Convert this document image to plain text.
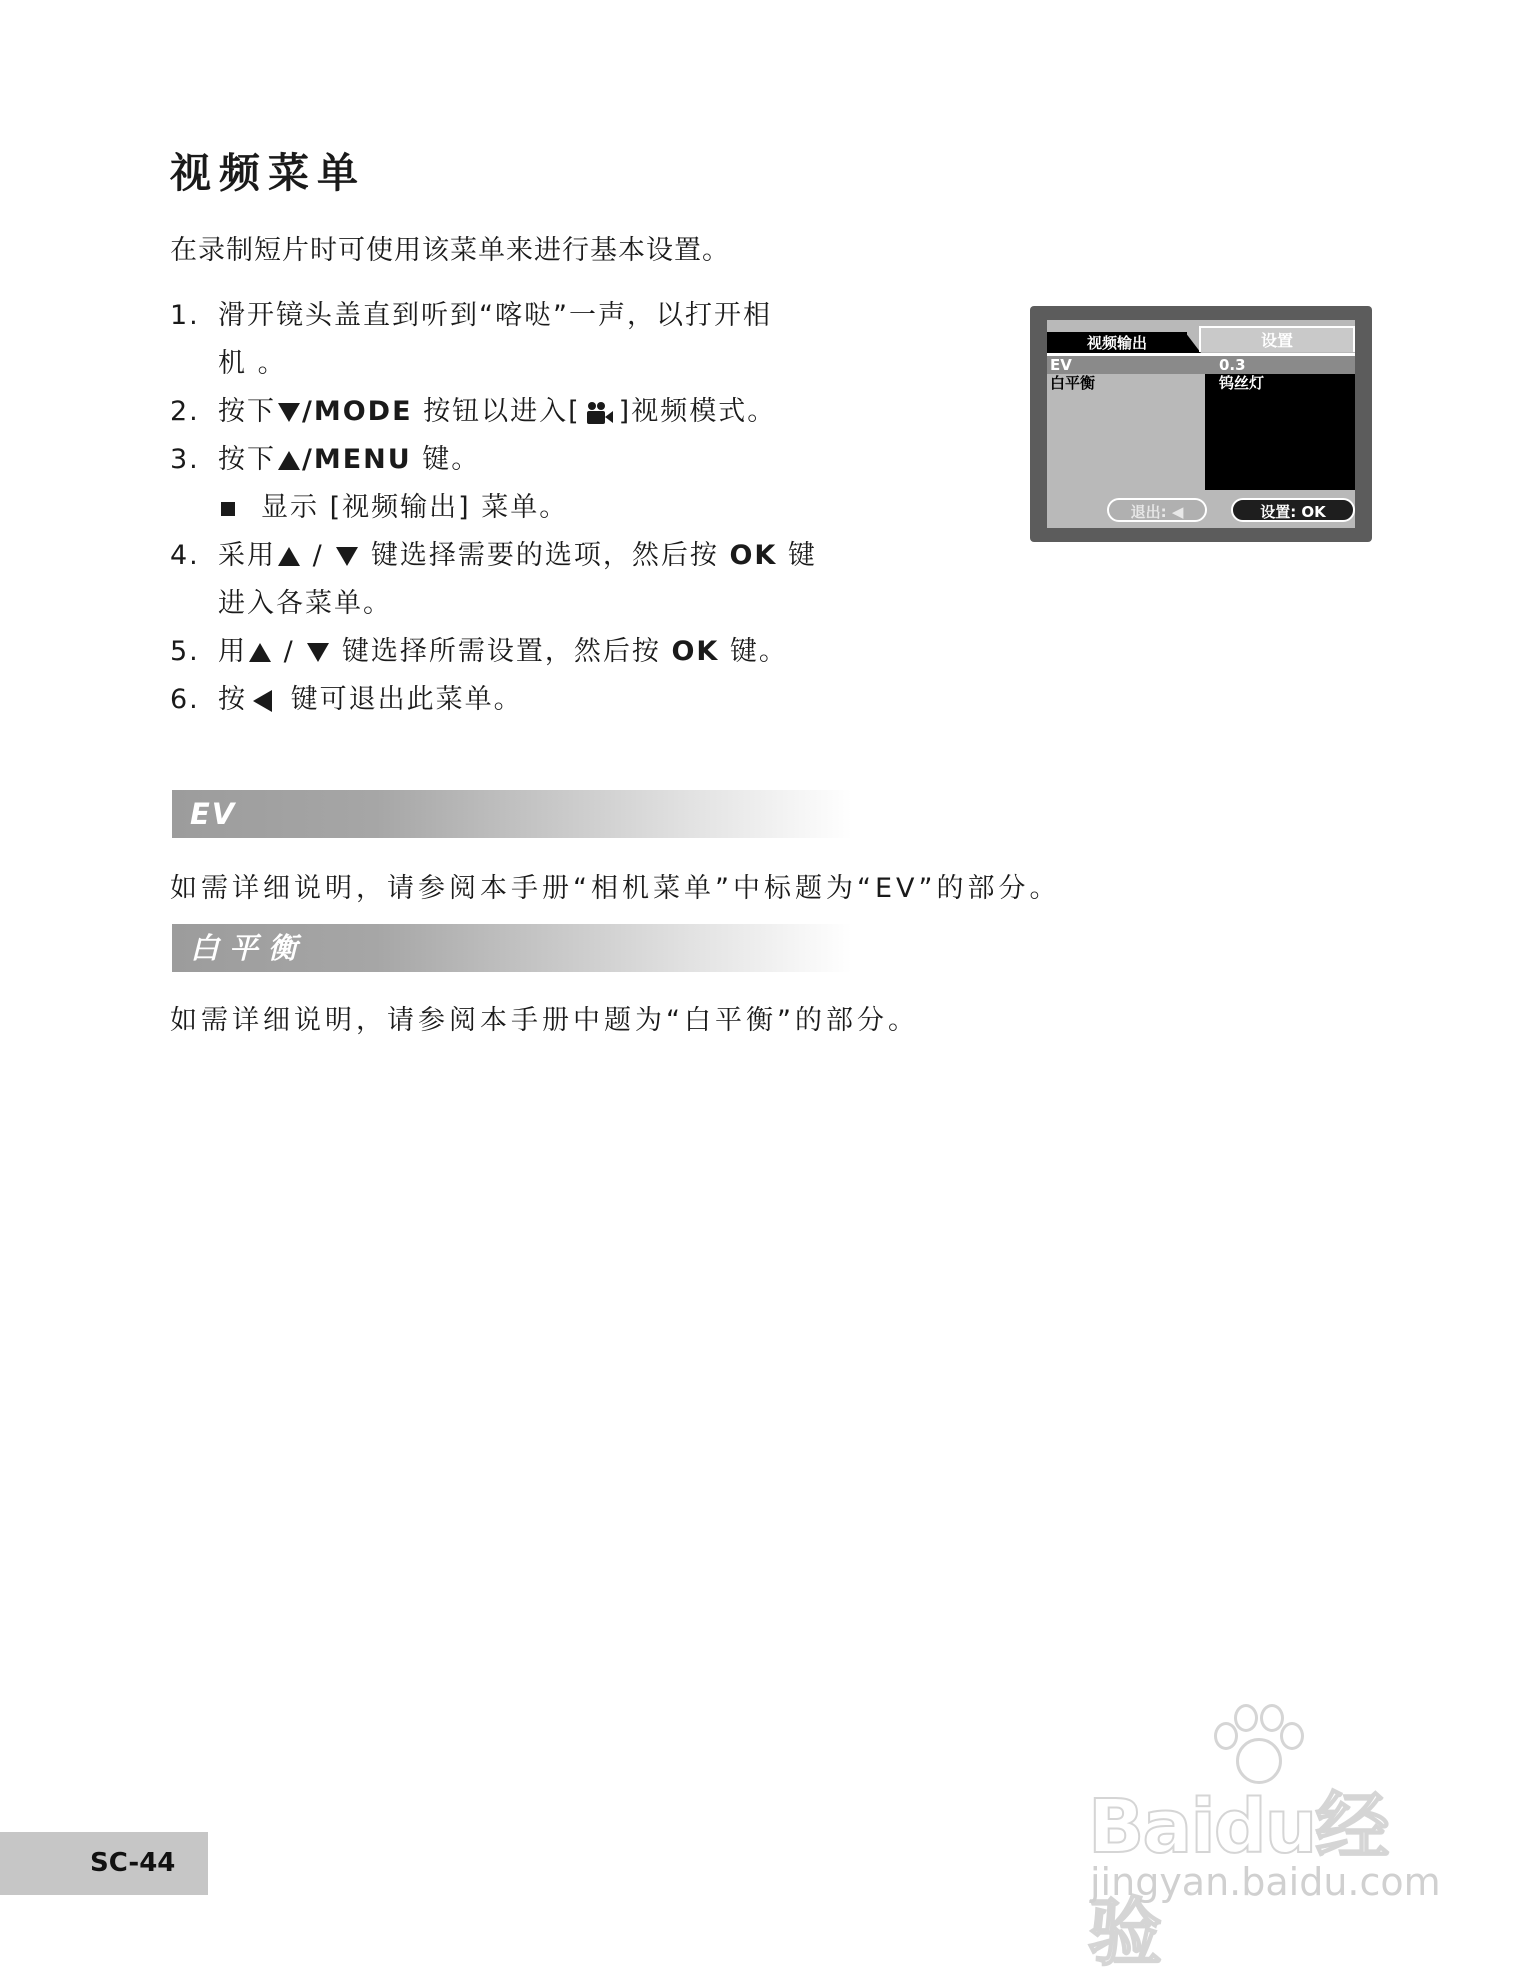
视频菜单
在录制短片时可使用该菜单来进行基本设置。
1. 滑开镜头盖直到听到“喀哒”一声，以打开相
机 。
2. 按下 /MODE 按钮以进入[ ]视频模式。
3. 按下 /MENU 键。
显示 [视频输出] 菜单。
4. 采用 /  键选择需要的选项，然后按 OK 键
进入各菜单。
5. 用 /  键选择所需设置，然后按 OK 键。
6. 按 键可退出此菜单。
视频输出	设置
EV	0.3
白平衡	钨丝灯
退出: ◀	设置: OK
EV
如需详细说明，请参阅本手册“相机菜单”中标题为“EV”的部分。
白平衡
如需详细说明，请参阅本手册中题为“白平衡”的部分。
Baidu经验
jingyan.baidu.com
SC-44
